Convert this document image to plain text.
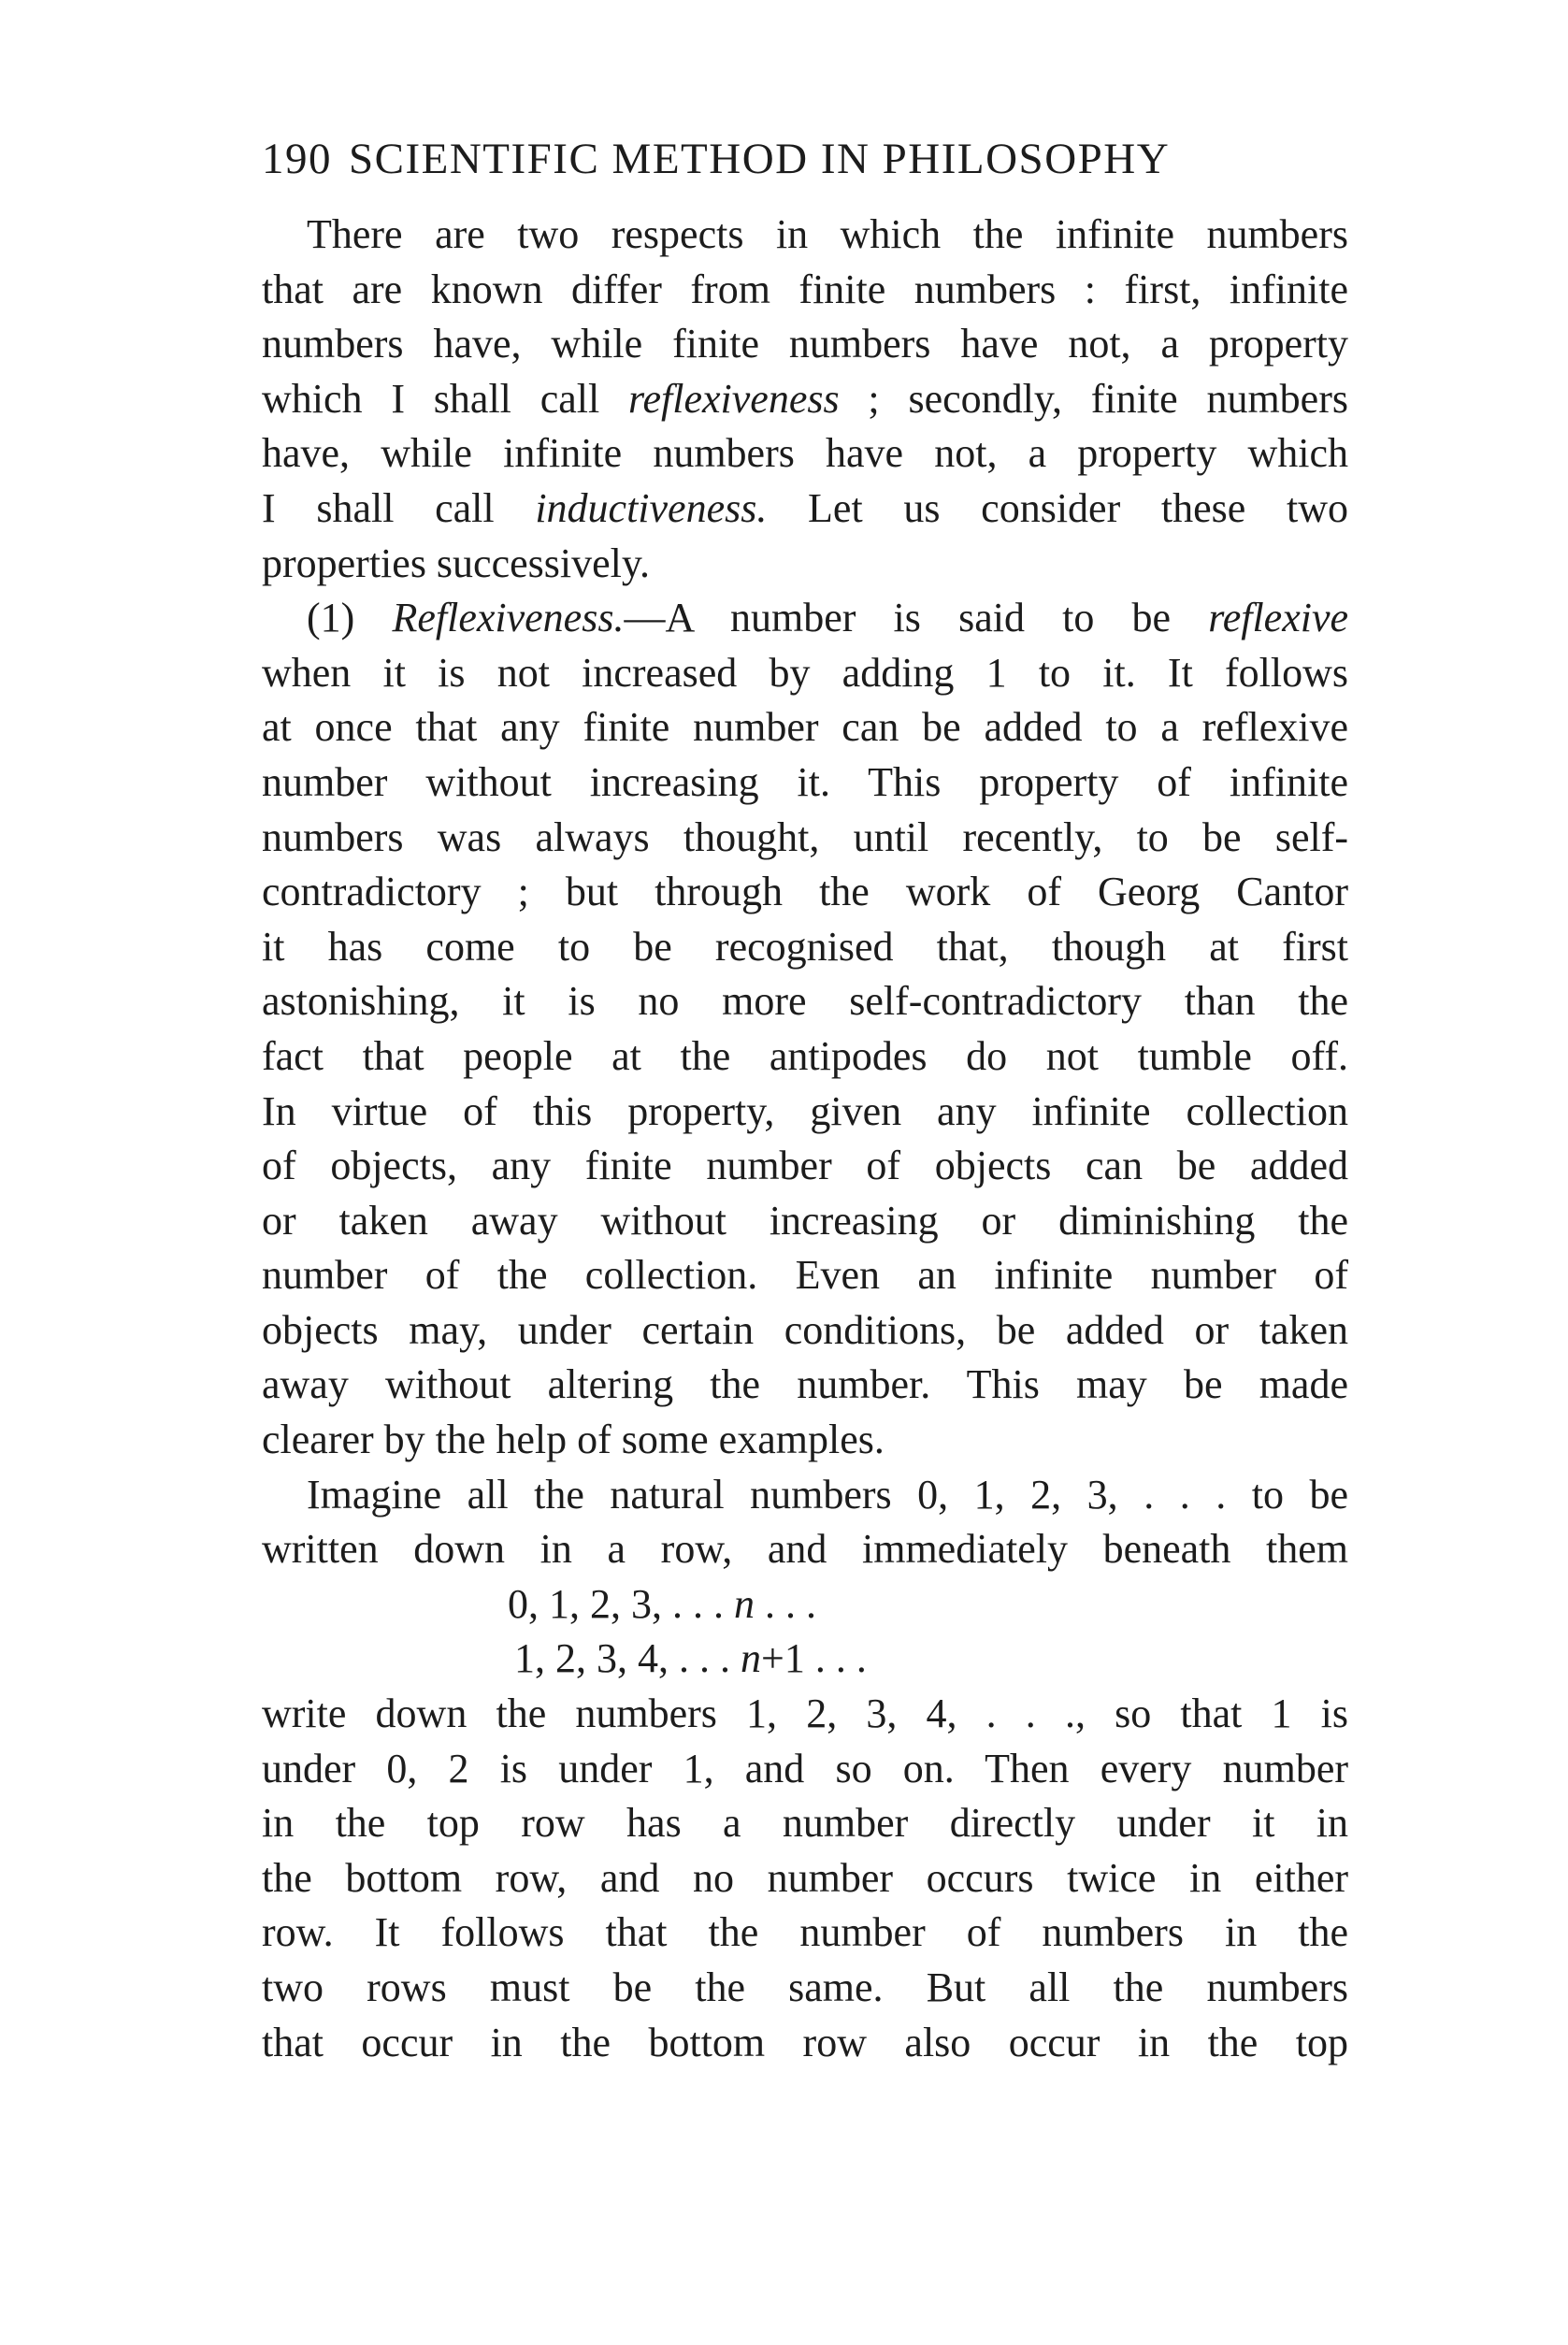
190 SCIENTIFIC METHOD IN PHILOSOPHY
There are two respects in which the infinite numbers
that are known differ from finite numbers : first, infinite
numbers have, while finite numbers have not, a property
which I shall call reflexiveness ; secondly, finite numbers
have, while infinite numbers have not, a property which
I shall call inductiveness. Let us consider these two
properties successively.
(1) Reflexiveness.—A number is said to be reflexive
when it is not increased by adding 1 to it. It follows
at once that any finite number can be added to a reflexive
number without increasing it. This property of infinite
numbers was always thought, until recently, to be self-
contradictory ; but through the work of Georg Cantor
it has come to be recognised that, though at first
astonishing, it is no more self-contradictory than the
fact that people at the antipodes do not tumble off.
In virtue of this property, given any infinite collection
of objects, any finite number of objects can be added
or taken away without increasing or diminishing the
number of the collection. Even an infinite number of
objects may, under certain conditions, be added or taken
away without altering the number. This may be made
clearer by the help of some examples.
Imagine all the natural numbers 0, 1, 2, 3, . . . to be
written down in a row, and immediately beneath them
0, 1, 2, 3, . . . n . . .
1, 2, 3, 4, . . . n+1 . . .
write down the numbers 1, 2, 3, 4, . . ., so that 1 is
under 0, 2 is under 1, and so on. Then every number
in the top row has a number directly under it in
the bottom row, and no number occurs twice in either
row. It follows that the number of numbers in the
two rows must be the same. But all the numbers
that occur in the bottom row also occur in the top
